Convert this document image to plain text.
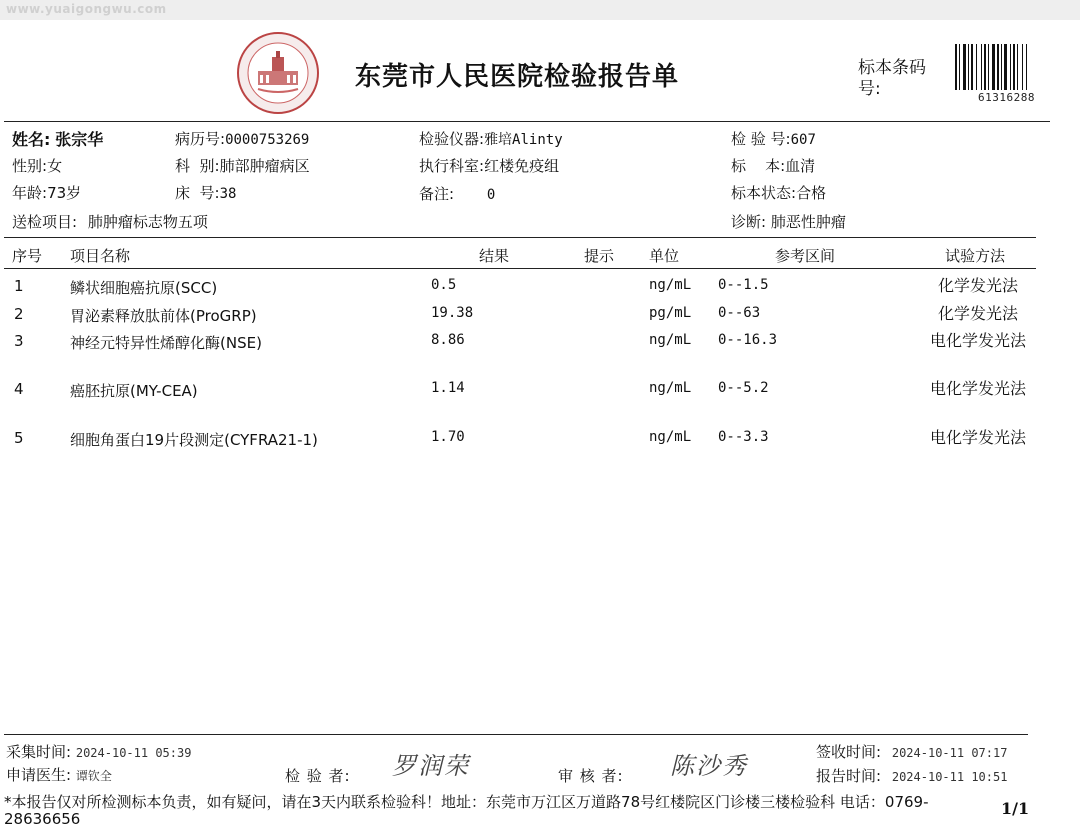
www.yuaigongwu.com
东莞市人民医院检验报告单	标本条码号:	61316288
姓名: 张宗华	病历号:0000753269	检验仪器:雅培Alinty	检 验 号:607
性别:女	科  别:肺部肿瘤病区	执行科室:红楼免疫组	标    本:血清
年龄:73岁	床  号:38	备注: 0	标本状态:合格
送检项目: 肺肿瘤标志物五项	诊断: 肺恶性肿瘤
序号 项目名称	结果	提示 单位	参考区间	试验方法
1	鳞状细胞癌抗原(SCC)	0.5	ng/mL 0--1.5	化学发光法
2	胃泌素释放肽前体(ProGRP)	19.38	pg/mL 0--63	化学发光法
3	神经元特异性烯醇化酶(NSE)	8.86	ng/mL 0--16.3	电化学发光法
4	癌胚抗原(MY-CEA)	1.14	ng/mL 0--5.2	电化学发光法
5	细胞角蛋白19片段测定(CYFRA21-1)	1.70	ng/mL 0--3.3	电化学发光法
采集时间: 2024-10-11 05:39
申请医生: 谭钦全	检 验 者: 罗润荣	审 核 者: 陈沙秀	签收时间: 2024-10-11 07:17
报告时间: 2024-10-11 10:51
*本报告仅对所检测标本负责，如有疑问，请在3天内联系检验科！地址：东莞市万江区万道路78号红楼院区门诊楼三楼检验科 电话：0769-28636656
1/1
